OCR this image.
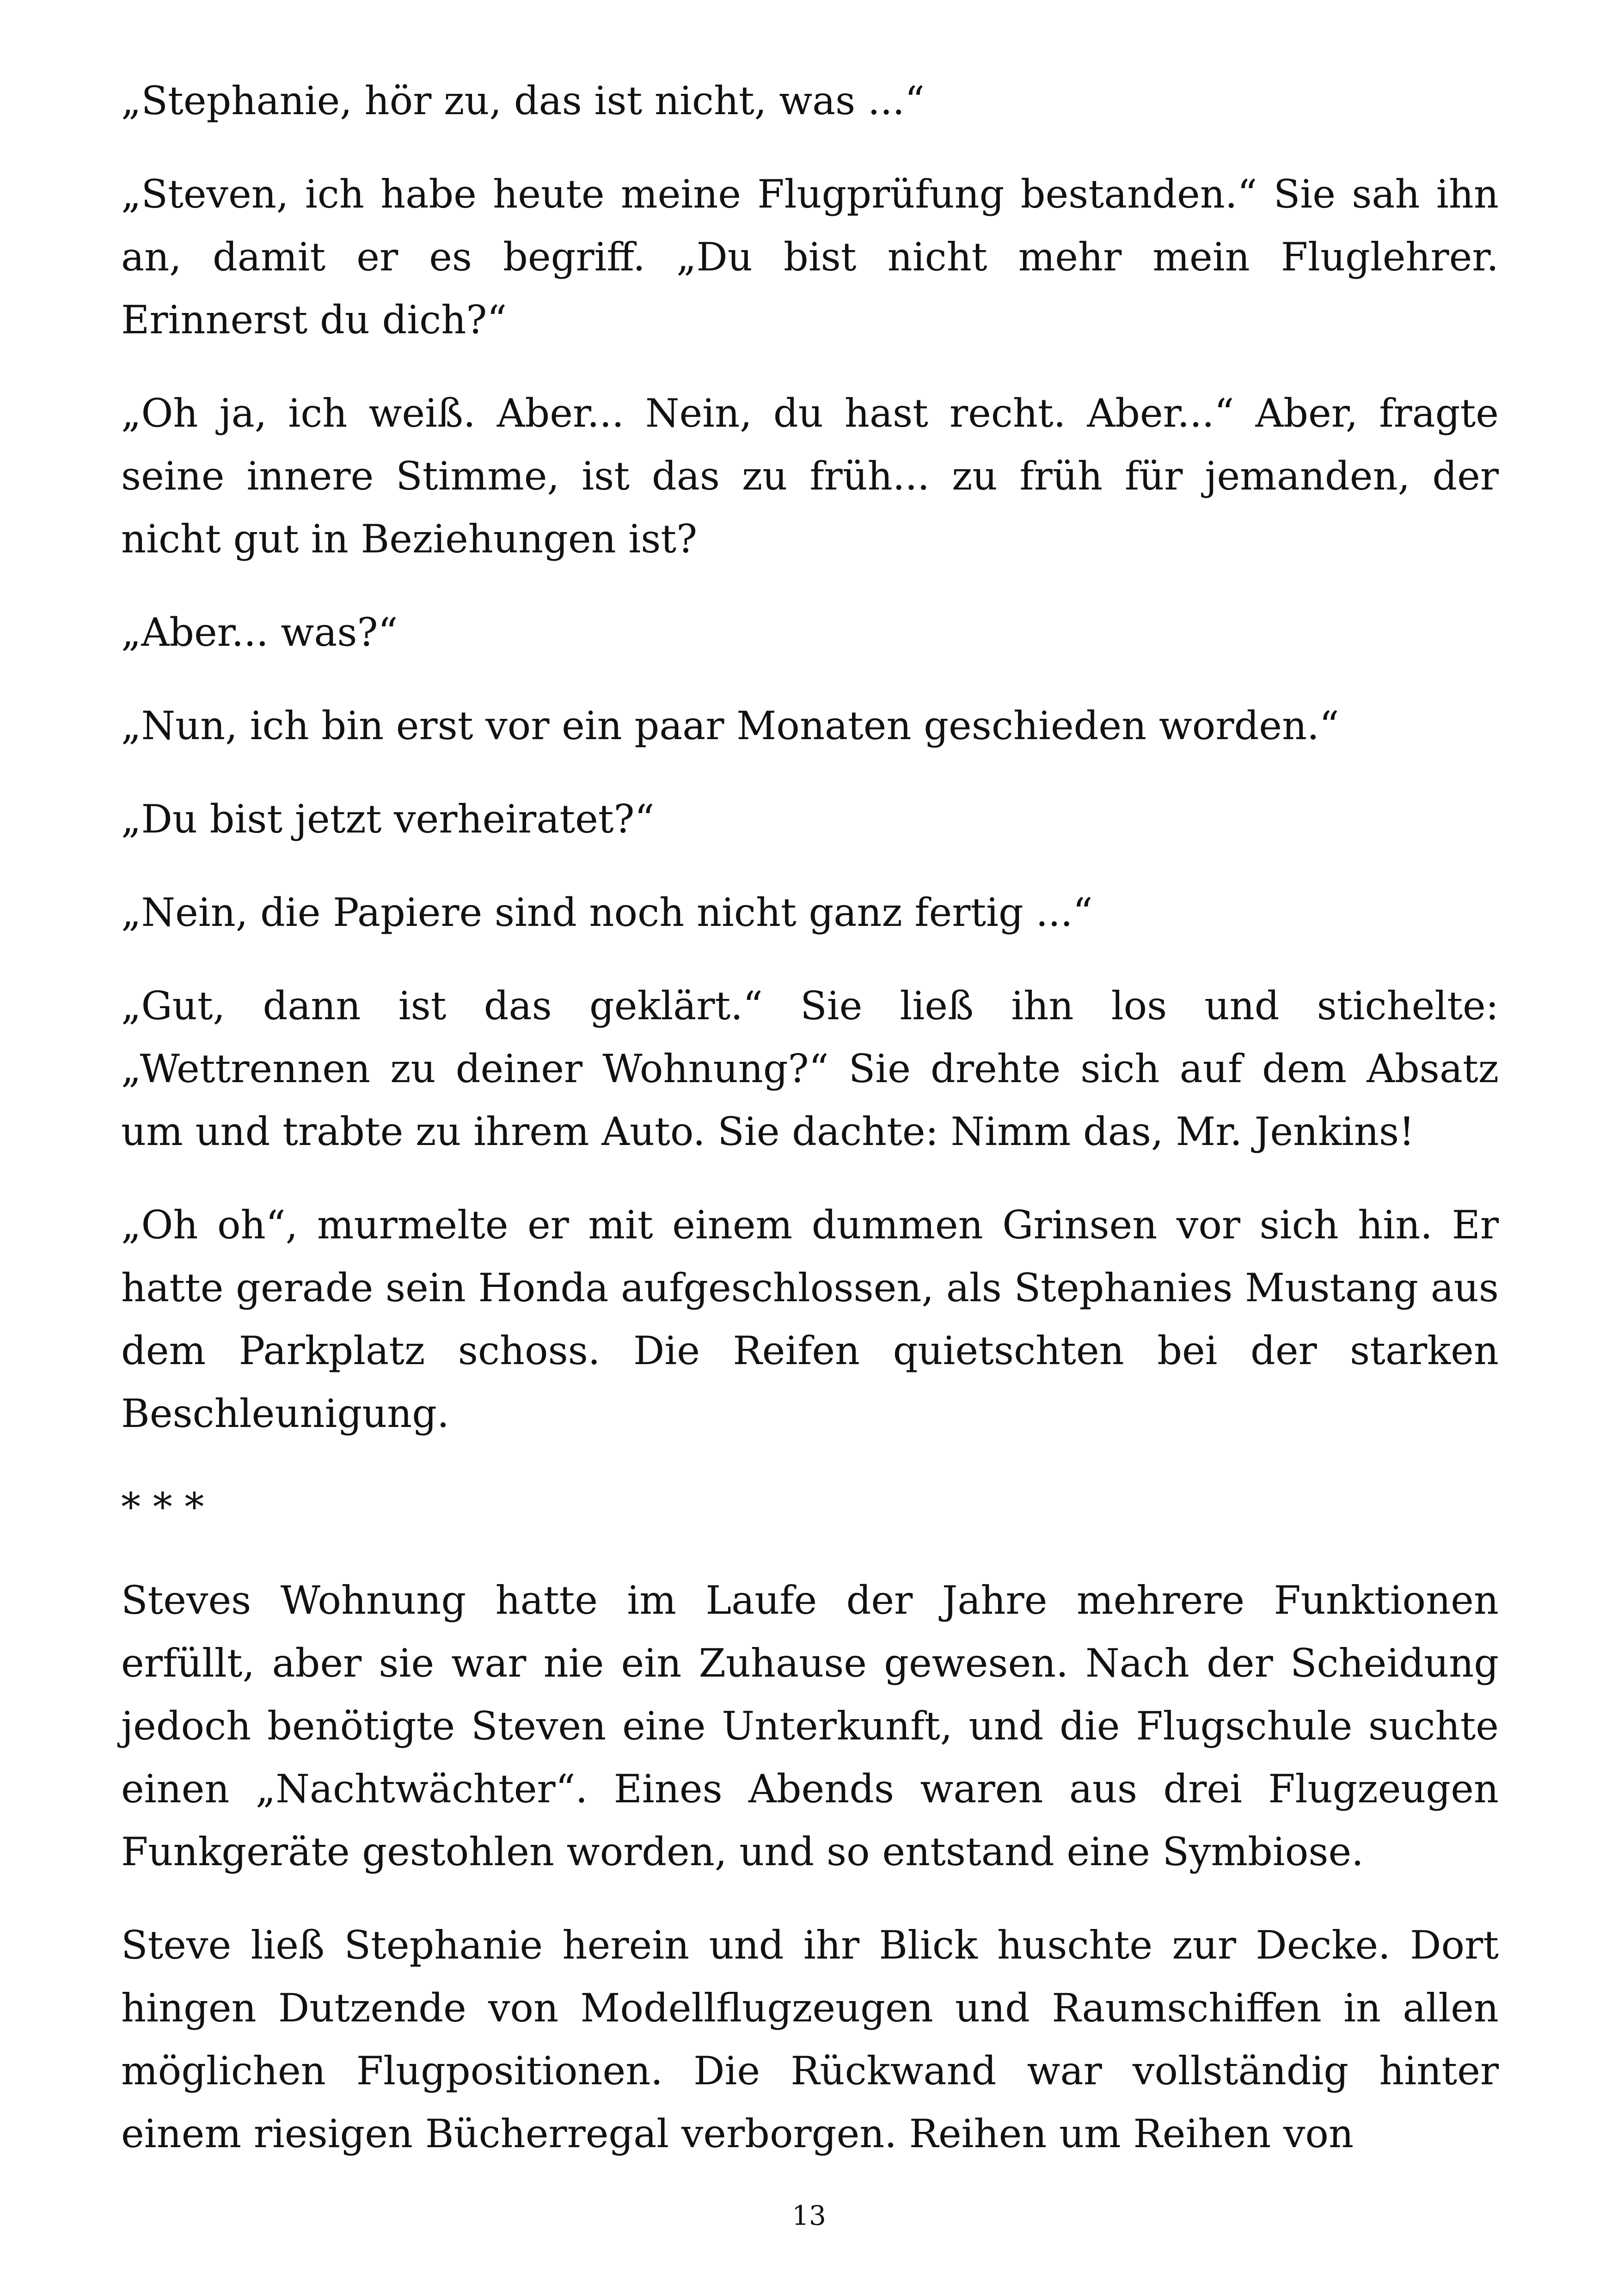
„Stephanie, hör zu, das ist nicht, was ...“

„Steven, ich habe heute meine Flugprüfung bestanden.“ Sie sah ihn an, damit er es begriff. „Du bist nicht mehr mein Fluglehrer. Erinnerst du dich?“

„Oh ja, ich weiß. Aber... Nein, du hast recht. Aber...“ Aber, fragte seine innere Stimme, ist das zu früh... zu früh für jemanden, der nicht gut in Beziehungen ist?

„Aber... was?“

„Nun, ich bin erst vor ein paar Monaten geschieden worden.“

„Du bist jetzt verheiratet?“

„Nein, die Papiere sind noch nicht ganz fertig ...“

„Gut, dann ist das geklärt.“ Sie ließ ihn los und stichelte: „Wettrennen zu deiner Wohnung?“ Sie drehte sich auf dem Absatz um und trabte zu ihrem Auto. Sie dachte: Nimm das, Mr. Jenkins!

„Oh oh“, murmelte er mit einem dummen Grinsen vor sich hin. Er hatte gerade sein Honda aufgeschlossen, als Stephanies Mustang aus dem Parkplatz schoss. Die Reifen quietschten bei der starken Beschleunigung.

* * *

Steves Wohnung hatte im Laufe der Jahre mehrere Funktionen erfüllt, aber sie war nie ein Zuhause gewesen. Nach der Scheidung jedoch benötigte Steven eine Unterkunft, und die Flugschule suchte einen „Nachtwächter“. Eines Abends waren aus drei Flugzeugen Funkgeräte gestohlen worden, und so entstand eine Symbiose.

Steve ließ Stephanie herein und ihr Blick huschte zur Decke. Dort hingen Dutzende von Modellflugzeugen und Raumschiffen in allen möglichen Flugpositionen. Die Rückwand war vollständig hinter einem riesigen Bücherregal verborgen. Reihen um Reihen von

13
